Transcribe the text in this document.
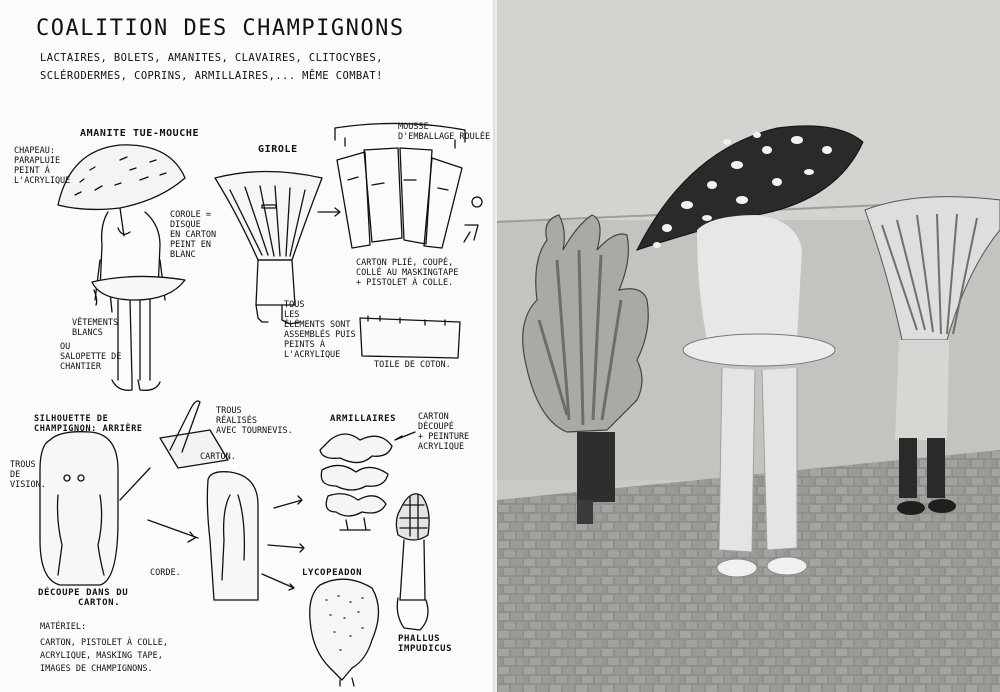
COALITION DES CHAMPIGNONS
LACTAIRES, BOLETS, AMANITES, CLAVAIRES, CLITOCYBES,
SCLÉRODERMES, COPRINS, ARMILLAIRES,... MÊME COMBAT!
AMANITE TUE-MOUCHE
CHAPEAU:
PARAPLUIE
PEINT À
L'ACRYLIQUE
COROLE =
DISQUE
EN CARTON
PEINT EN
BLANC
VÊTEMENTS
BLANCS
OU
SALOPETTE DE
CHANTIER
GIROLE
MOUSSE
D'EMBALLAGE ROULÉE
CARTON PLIÉ, COUPÉ,
COLLÉ AU MASKINGTAPE
+ PISTOLET À COLLE.
TOUS
LES
ÉLÉMENTS SONT
ASSEMBLÉS PUIS
PEINTS À
L'ACRYLIQUE
TOILE DE COTON.
SILHOUETTE DE
CHAMPIGNON: ARRIÈRE
TROUS
RÉALISÉS
AVEC TOURNEVIS.
CARTON.
TROUS
DE
VISION.
CORDE.
DÉCOUPE DANS DU
CARTON.
ARMILLAIRES	CARTON
DÉCOUPÉ
+ PEINTURE
ACRYLIQUE
LYCOPEADON
PHALLUS
IMPUDICUS
MATÉRIEL:
CARTON, PISTOLET À COLLE,
ACRYLIQUE, MASKING TAPE,
IMAGES DE CHAMPIGNONS.
